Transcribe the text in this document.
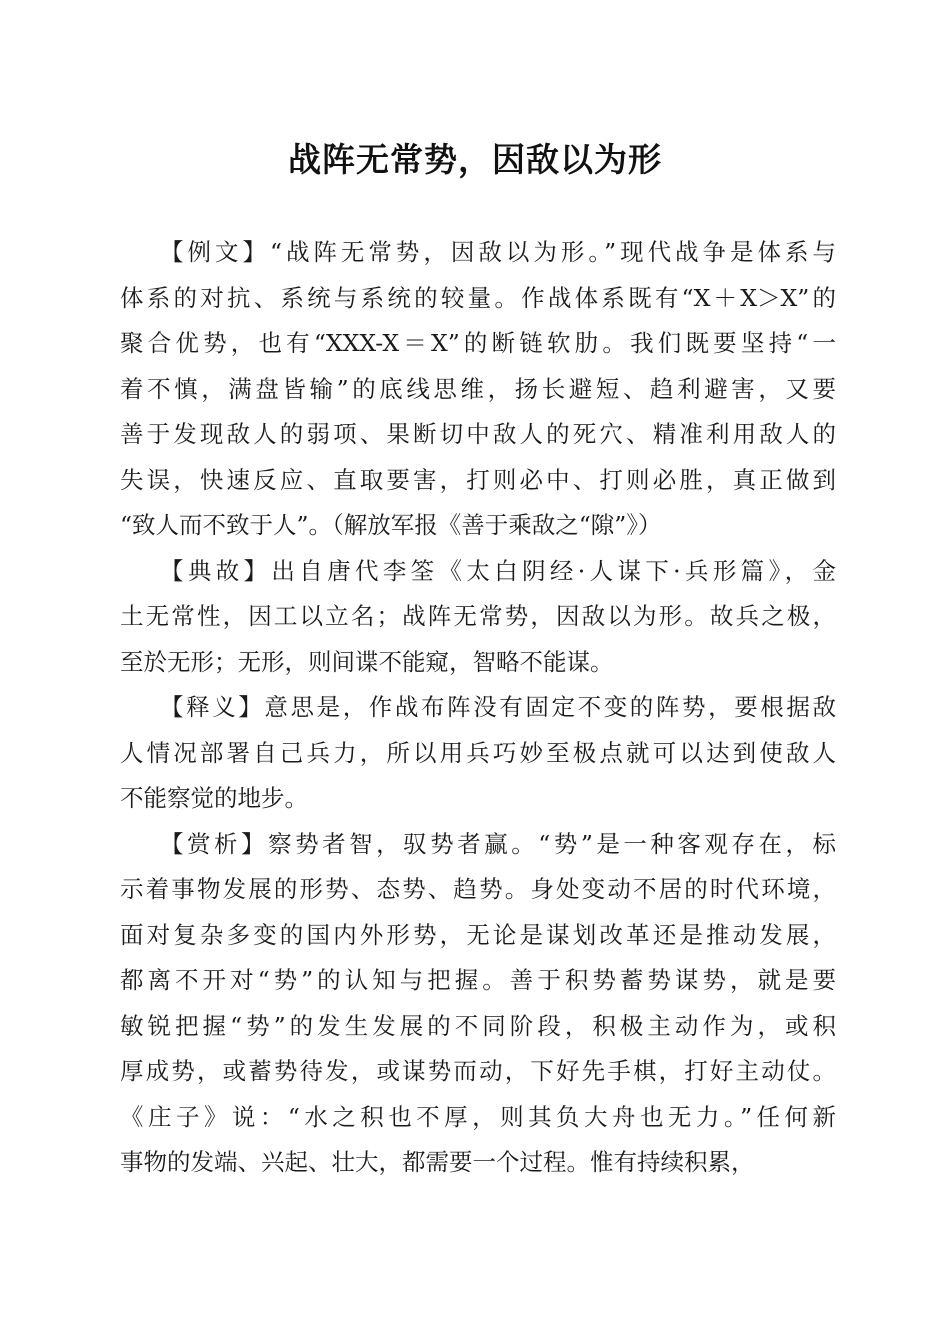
战阵无常势，因敌以为形
【例文】“战阵无常势，因敌以为形。”现代战争是体系与
体系的对抗、系统与系统的较量。作战体系既有“X＋X＞X”的
聚合优势，也有“XXX-X＝X”的断链软肋。我们既要坚持“一
着不慎，满盘皆输”的底线思维，扬长避短、趋利避害，又要
善于发现敌人的弱项、果断切中敌人的死穴、精准利用敌人的
失误，快速反应、直取要害，打则必中、打则必胜，真正做到
“致人而不致于人”。（解放军报《善于乘敌之“隙”》）
【典故】出自唐代李筌《太白阴经·人谋下·兵形篇》，金
土无常性，因工以立名；战阵无常势，因敌以为形。故兵之极，
至於无形；无形，则间谍不能窥，智略不能谋。
【释义】意思是，作战布阵没有固定不变的阵势，要根据敌
人情况部署自己兵力，所以用兵巧妙至极点就可以达到使敌人
不能察觉的地步。
【赏析】察势者智，驭势者赢。“势”是一种客观存在，标
示着事物发展的形势、态势、趋势。身处变动不居的时代环境，
面对复杂多变的国内外形势，无论是谋划改革还是推动发展，
都离不开对“势”的认知与把握。善于积势蓄势谋势，就是要
敏锐把握“势”的发生发展的不同阶段，积极主动作为，或积
厚成势，或蓄势待发，或谋势而动，下好先手棋，打好主动仗。
《庄子》说：“水之积也不厚，则其负大舟也无力。”任何新
事物的发端、兴起、壮大，都需要一个过程。惟有持续积累，
